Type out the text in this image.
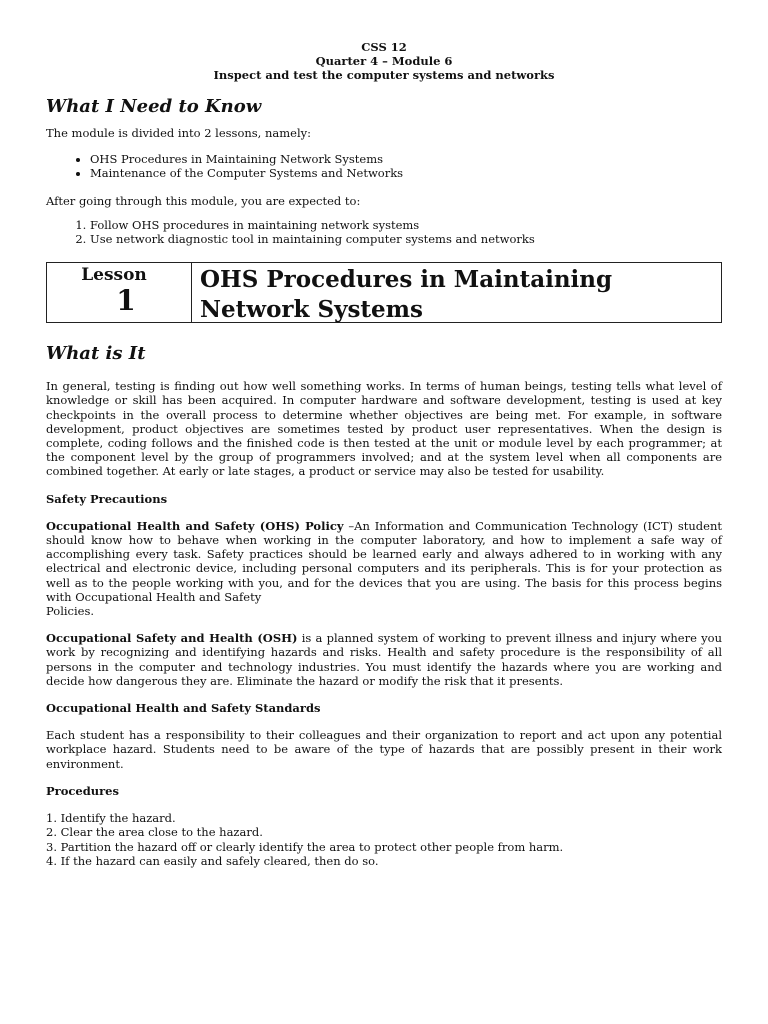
CSS 12
Quarter 4 – Module 6
Inspect and test the computer systems and networks
What I Need to Know

The module is divided into 2 lessons, namely:

• OHS Procedures in Maintaining Network Systems
• Maintenance of the Computer Systems and Networks

After going through this module, you are expected to:

1. Follow OHS procedures in maintaining network systems
2. Use network diagnostic tool in maintaining computer systems and networks
Lesson
1
OHS Procedures in Maintaining
Network Systems
What is It

In general, testing is finding out how well something works. In terms of human beings, testing tells what level of knowledge or skill has been acquired. In computer hardware and software development, testing is used at key checkpoints in the overall process to determine whether objectives are being met. For example, in software development, product objectives are sometimes tested by product user representatives. When the design is complete, coding follows and the finished code is then tested at the unit or module level by each programmer; at the component level by the group of programmers involved; and at the system level when all components are combined together. At early or late stages, a product or service may also be tested for usability.

Safety Precautions

Occupational Health and Safety (OHS) Policy –An Information and Communication Technology (ICT) student should know how to behave when working in the computer laboratory, and how to implement a safe way of accomplishing every task. Safety practices should be learned early and always adhered to in working with any electrical and electronic device, including personal computers and its peripherals. This is for your protection as well as to the people working with you, and for the devices that you are using. The basis for this process begins with Occupational Health and Safety

Policies.

Occupational Safety and Health (OSH) is a planned system of working to prevent illness and injury where you work by recognizing and identifying hazards and risks. Health and safety procedure is the responsibility of all persons in the computer and technology industries. You must identify the hazards where you are working and decide how dangerous they are. Eliminate the hazard or modify the risk that it presents.

Occupational Health and Safety Standards

Each student has a responsibility to their colleagues and their organization to report and act upon any potential workplace hazard. Students need to be aware of the type of hazards that are possibly present in their work environment.

Procedures

1. Identify the hazard.
2. Clear the area close to the hazard.
3. Partition the hazard off or clearly identify the area to protect other people from harm.
4. If the hazard can easily and safely cleared, then do so.
